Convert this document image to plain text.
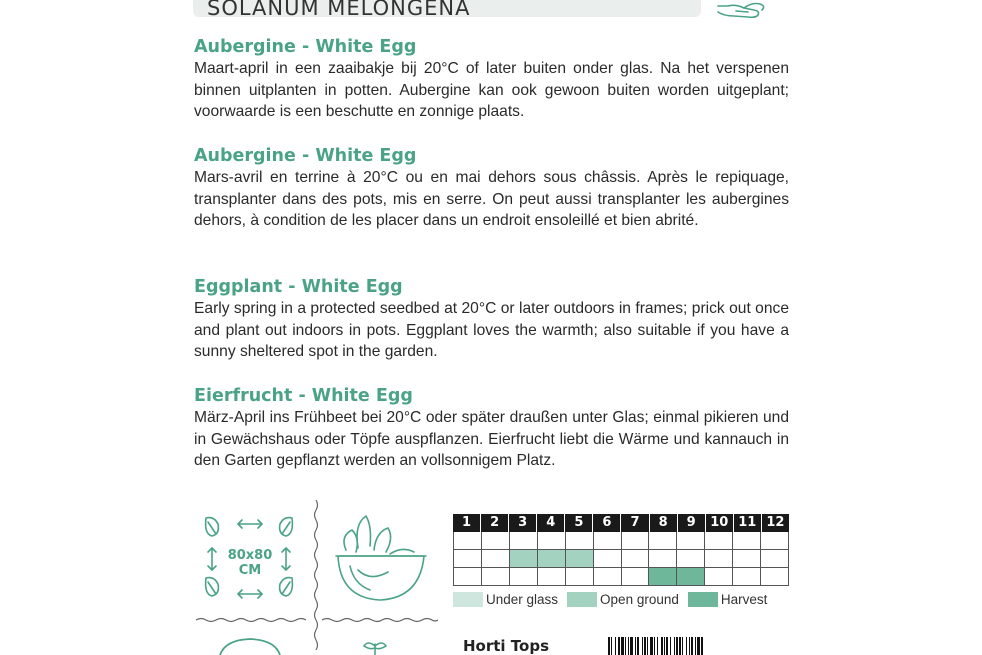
SOLANUM MELONGENA
Aubergine - White Egg
Maart-april in een zaaibakje bij 20°C of later buiten onder glas. Na het verspenen binnen uitplanten in potten. Aubergine kan ook gewoon buiten worden uitgeplant; voorwaarde is een beschutte en zonnige plaats.
Aubergine - White Egg
Mars-avril en terrine à 20°C ou en mai dehors sous châssis. Après le repiquage, transplanter dans des pots, mis en serre. On peut aussi transplanter les aubergines dehors, à condition de les placer dans un endroit ensoleillé et bien abrité.
Eggplant - White Egg
Early spring in a protected seedbed at 20°C or later outdoors in frames; prick out once and plant out indoors in pots. Eggplant loves the warmth; also suitable if you have a sunny sheltered spot in the garden.
Eierfrucht - White Egg
März-April ins Frühbeet bei 20°C oder später draußen unter Glas; einmal pikieren und in Gewächshaus oder Töpfe auspflanzen. Eierfrucht liebt die Wärme und kannauch in den Garten gepflanzt werden an vollsonnigem Platz.
80x80
CM
1	2	3	4	5	6	7	8	9	10 11 12
Under glass	Open ground	Harvest
Horti Tops
